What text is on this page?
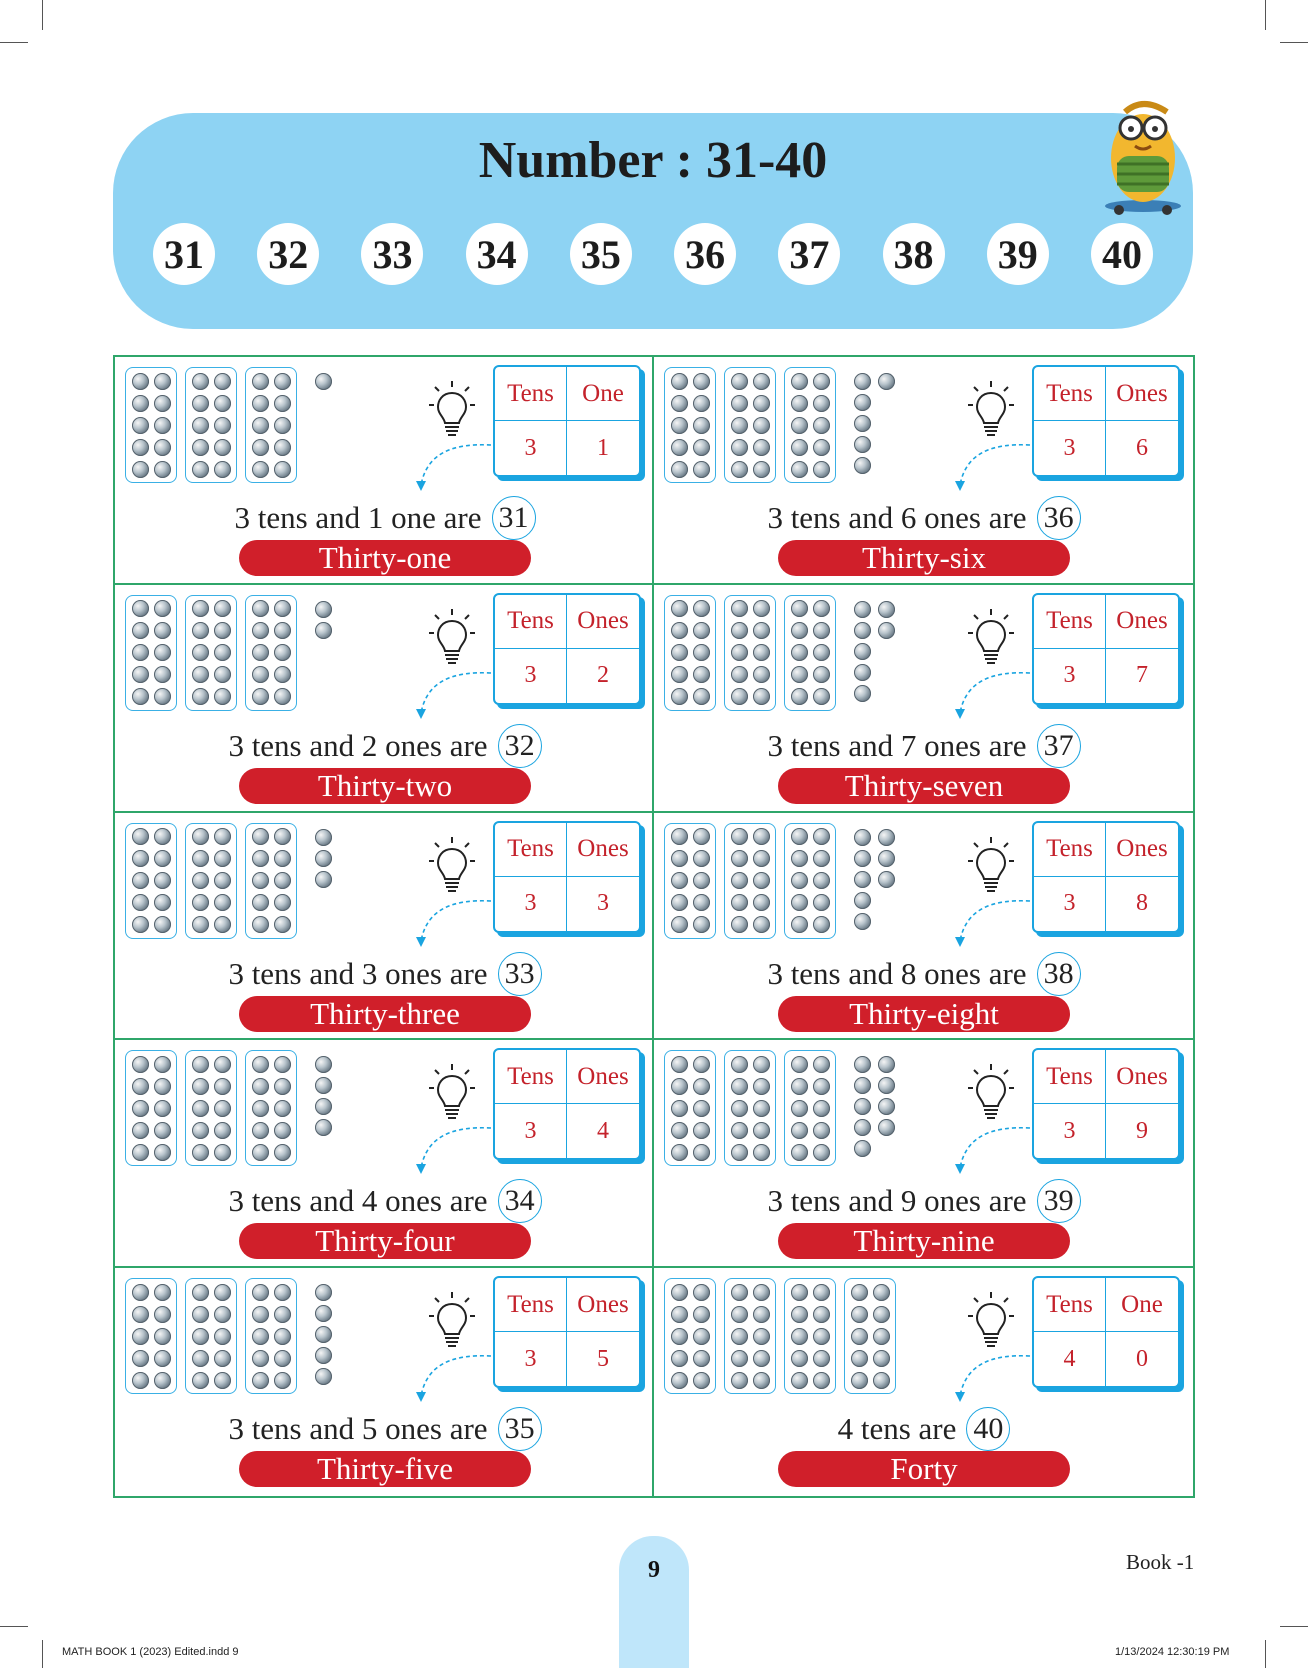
Number : 31-40
31 32 33 34 35 36 37 38 39 40
Tens	One
3	1
3 tens and 1 one are 31
Thirty-one
Tens Ones
3	6
3 tens and 6 ones are 36
Thirty-six
Tens Ones
3	2
3 tens and 2 ones are 32
Thirty-two
Tens Ones
3	7
3 tens and 7 ones are 37
Thirty-seven
Tens Ones
3	3
3 tens and 3 ones are 33
Thirty-three
Tens Ones
3	8
3 tens and 8 ones are 38
Thirty-eight
Tens Ones
3	4
3 tens and 4 ones are 34
Thirty-four
Tens Ones
3	9
3 tens and 9 ones are 39
Thirty-nine
Tens Ones
3	5
3 tens and 5 ones are 35
Thirty-five
Tens	One
4	0
4 tens are 40
Forty
9	Book -1
MATH BOOK 1 (2023) Edited.indd 9	1/13/2024 12:30:19 PM
